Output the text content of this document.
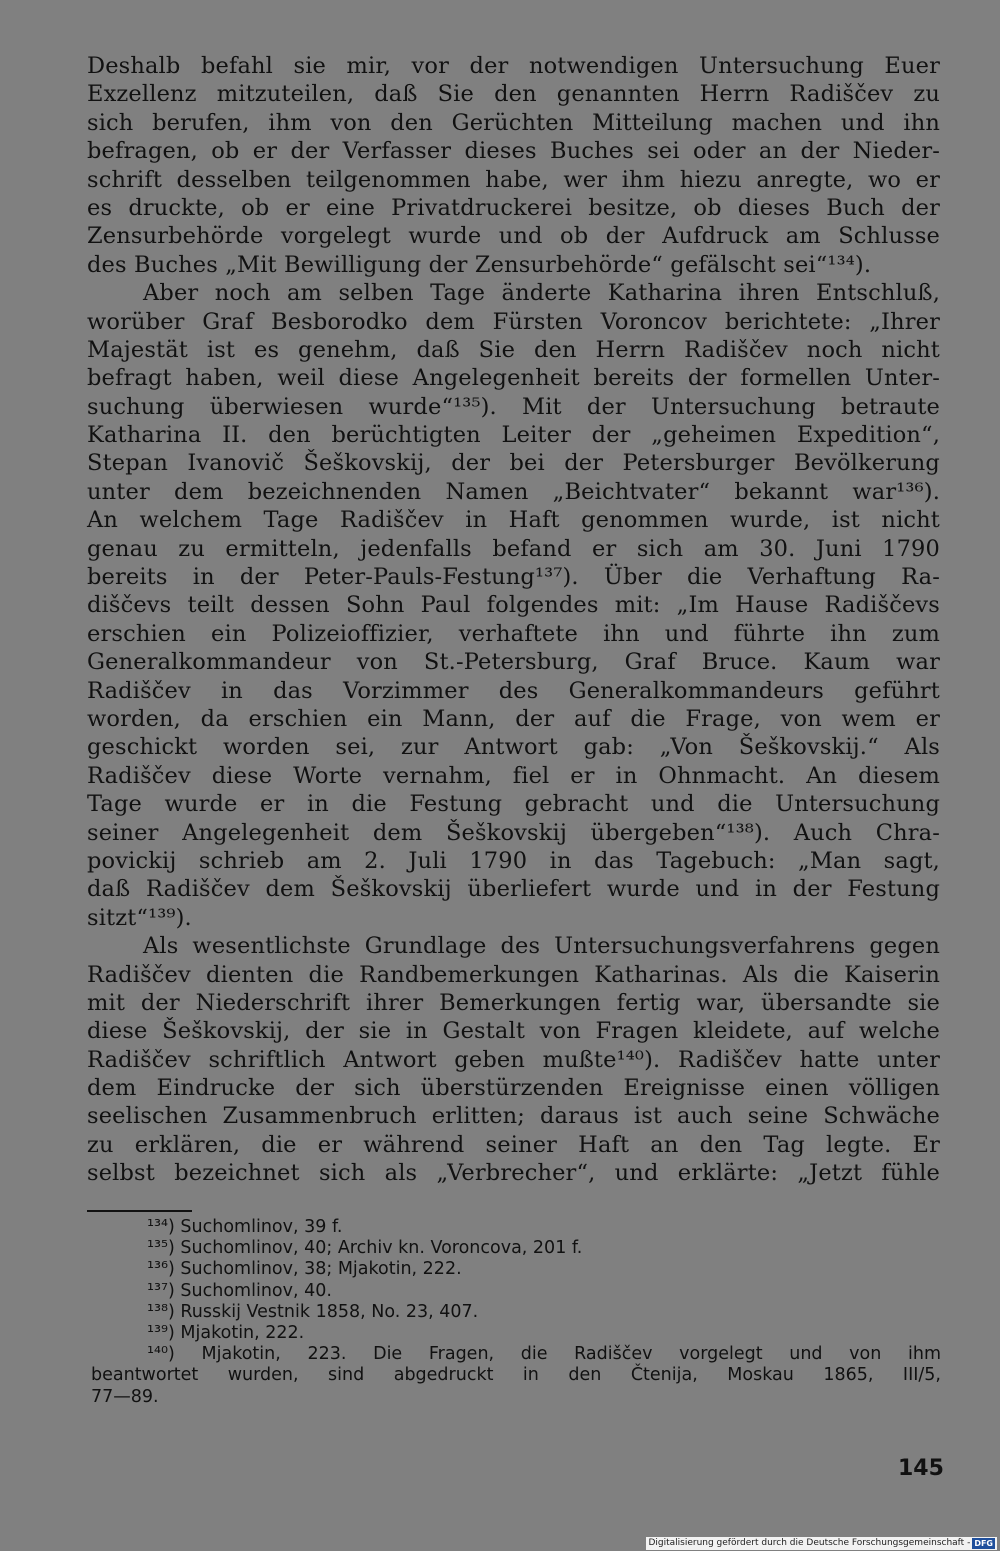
Deshalb befahl sie mir, vor der notwendigen Untersuchung Euer
Exzellenz mitzuteilen, daß Sie den genannten Herrn Radiščev zu
sich berufen, ihm von den Gerüchten Mitteilung machen und ihn
befragen, ob er der Verfasser dieses Buches sei oder an der Nieder-
schrift desselben teilgenommen habe, wer ihm hiezu anregte, wo er
es druckte, ob er eine Privatdruckerei besitze, ob dieses Buch der
Zensurbehörde vorgelegt wurde und ob der Aufdruck am Schlusse
des Buches „Mit Bewilligung der Zensurbehörde“ gefälscht sei“¹³⁴).
Aber noch am selben Tage änderte Katharina ihren Entschluß,
worüber Graf Besborodko dem Fürsten Voroncov berichtete: „Ihrer
Majestät ist es genehm, daß Sie den Herrn Radiščev noch nicht
befragt haben, weil diese Angelegenheit bereits der formellen Unter-
suchung überwiesen wurde“¹³⁵). Mit der Untersuchung betraute
Katharina II. den berüchtigten Leiter der „geheimen Expedition“,
Stepan Ivanovič Šeškovskij, der bei der Petersburger Bevölkerung
unter dem bezeichnenden Namen „Beichtvater“ bekannt war¹³⁶).
An welchem Tage Radiščev in Haft genommen wurde, ist nicht
genau zu ermitteln, jedenfalls befand er sich am 30. Juni 1790
bereits in der Peter-Pauls-Festung¹³⁷). Über die Verhaftung Ra-
diščevs teilt dessen Sohn Paul folgendes mit: „Im Hause Radiščevs
erschien ein Polizeioffizier, verhaftete ihn und führte ihn zum
Generalkommandeur von St.-Petersburg, Graf Bruce. Kaum war
Radiščev in das Vorzimmer des Generalkommandeurs geführt
worden, da erschien ein Mann, der auf die Frage, von wem er
geschickt worden sei, zur Antwort gab: „Von Šeškovskij.“ Als
Radiščev diese Worte vernahm, fiel er in Ohnmacht. An diesem
Tage wurde er in die Festung gebracht und die Untersuchung
seiner Angelegenheit dem Šeškovskij übergeben“¹³⁸). Auch Chra-
povickij schrieb am 2. Juli 1790 in das Tagebuch: „Man sagt,
daß Radiščev dem Šeškovskij überliefert wurde und in der Festung
sitzt“¹³⁹).
Als wesentlichste Grundlage des Untersuchungsverfahrens gegen
Radiščev dienten die Randbemerkungen Katharinas. Als die Kaiserin
mit der Niederschrift ihrer Bemerkungen fertig war, übersandte sie
diese Šeškovskij, der sie in Gestalt von Fragen kleidete, auf welche
Radiščev schriftlich Antwort geben mußte¹⁴⁰). Radiščev hatte unter
dem Eindrucke der sich überstürzenden Ereignisse einen völligen
seelischen Zusammenbruch erlitten; daraus ist auch seine Schwäche
zu erklären, die er während seiner Haft an den Tag legte. Er
selbst bezeichnet sich als „Verbrecher“, und erklärte: „Jetzt fühle
¹³⁴) Suchomlinov, 39 f.
¹³⁵) Suchomlinov, 40; Archiv kn. Voroncova, 201 f.
¹³⁶) Suchomlinov, 38; Mjakotin, 222.
¹³⁷) Suchomlinov, 40.
¹³⁸) Russkij Vestnik 1858, No. 23, 407.
¹³⁹) Mjakotin, 222.
¹⁴⁰) Mjakotin, 223. Die Fragen, die Radiščev vorgelegt und von ihm
beantwortet wurden, sind abgedruckt in den Čtenija, Moskau 1865, III/5,
77—89.
145
Digitalisierung gefördert durch die Deutsche Forschungsgemeinschaft - DFG
